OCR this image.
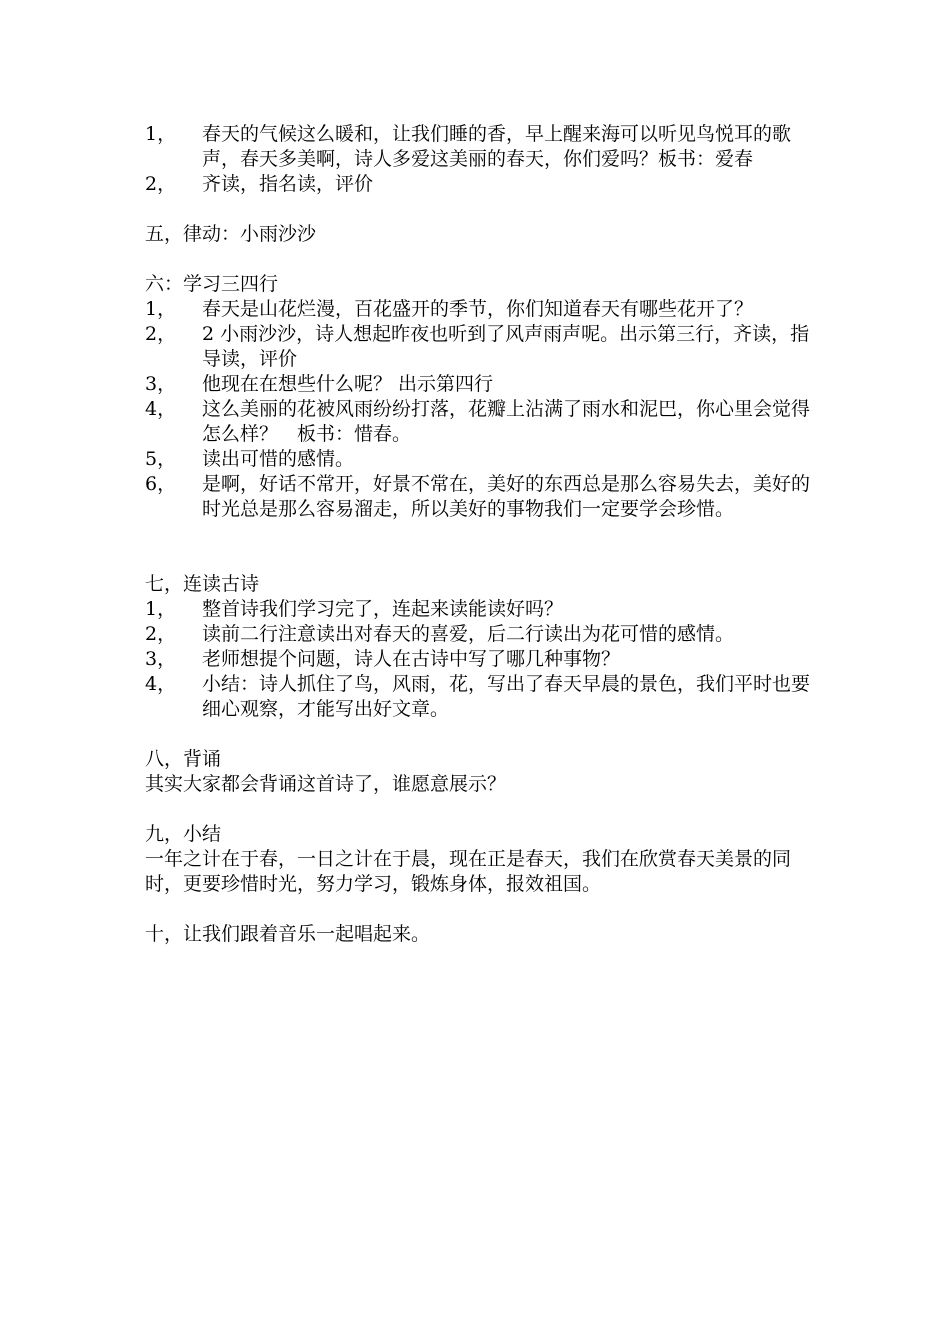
1，	春天的气候这么暖和，让我们睡的香，早上醒来海可以听见鸟悦耳的歌声，春天多美啊，诗人多爱这美丽的春天，你们爱吗？板书：爱春
2，	齐读，指名读，评价
五，律动：小雨沙沙
六：学习三四行
1，	春天是山花烂漫，百花盛开的季节，你们知道春天有哪些花开了？
2，	2 小雨沙沙，诗人想起昨夜也听到了风声雨声呢。出示第三行，齐读，指导读，评价
3，	他现在在想些什么呢？ 出示第四行
4，	这么美丽的花被风雨纷纷打落，花瓣上沾满了雨水和泥巴，你心里会觉得怎么样？　板书：惜春。
5，	读出可惜的感情。
6，	是啊，好话不常开，好景不常在，美好的东西总是那么容易失去，美好的时光总是那么容易溜走，所以美好的事物我们一定要学会珍惜。
七，连读古诗
1，	整首诗我们学习完了，连起来读能读好吗？
2，	读前二行注意读出对春天的喜爱，后二行读出为花可惜的感情。
3，	老师想提个问题，诗人在古诗中写了哪几种事物？
4，	小结：诗人抓住了鸟，风雨，花，写出了春天早晨的景色，我们平时也要细心观察，才能写出好文章。
八，背诵
其实大家都会背诵这首诗了，谁愿意展示？
九，小结
一年之计在于春，一日之计在于晨，现在正是春天，我们在欣赏春天美景的同时，更要珍惜时光，努力学习，锻炼身体，报效祖国。
十，让我们跟着音乐一起唱起来。
